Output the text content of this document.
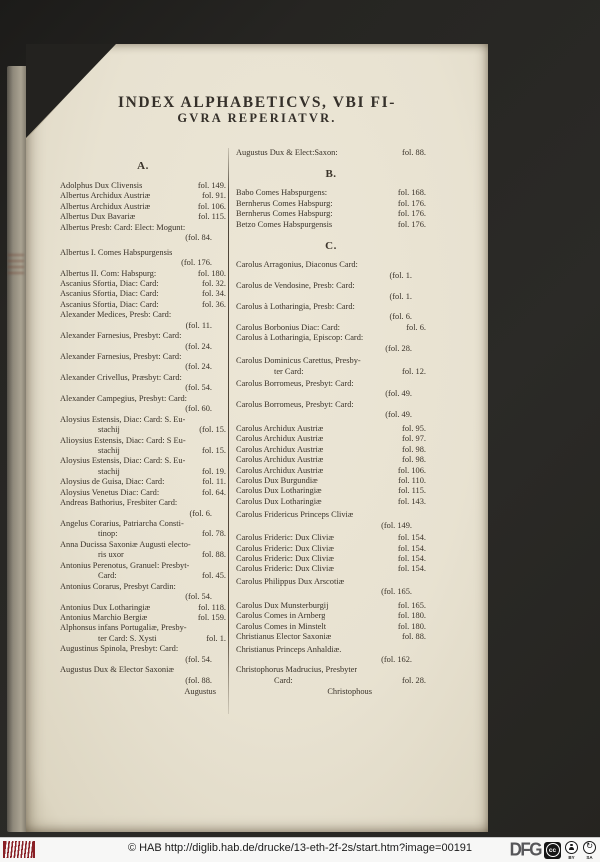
INDEX ALPHABETICVS, VBI FI-
GVRA REPERIATVR.
A.
Adolphus Dux Clivensis	fol. 149.
Albertus Archidux Austriæ	fol. 91.
Albertus Archidux Austriæ	fol. 106.
Albertus Dux Bavariæ	fol. 115.
Albertus Presb: Card: Elect: Mogunt:
(fol. 84.
Albertus I. Comes Habspurgensis
(fol. 176.
Albertus II. Com: Habspurg:	fol. 180.
Ascanius Sfortia, Diac: Card:	fol. 32.
Ascanius Sfortia, Diac: Card:	fol. 34.
Ascanius Sfortia, Diac: Card:	fol. 36.
Alexander Medices, Presb: Card:
(fol. 11.
Alexander Farnesius, Presbyt: Card:
(fol. 24.
Alexander Farnesius, Presbyt: Card:
(fol. 24.
Alexander Crivellus, Præsbyt: Card:
(fol. 54.
Alexander Campegius, Presbyt: Card:
(fol. 60.
Aloysius Estensis, Diac: Card: S. Eu-
stachij	(fol. 15.
Alioysius Estensis, Diac: Card: S Eu-
stachij	fol. 15.
Aloysius Estensis, Diac: Card: S. Eu-
stachij	fol. 19.
Aloysius de Guisa, Diac: Card:	fol. 11.
Aloysius Venetus Diac: Card:	fol. 64.
Andreas Bathorius, Fresbiter Card:
(fol. 6.
Angelus Corarius, Patriarcha Consti-
tinop:	fol. 78.
Anna Ducissa Saxoniæ Augusti electo-
ris uxor	fol. 88.
Antonius Perenotus, Granuel: Presbyt-
Card:	fol. 45.
Antonius Corarus, Presbyt Cardin:
(fol. 54.
Antonius Dux Lotharingiæ	fol. 118.
Antonius Marchio Bergiæ	fol. 159.
Alphonsus infans Portugaliæ, Presby-
ter Card: S. Xysti	fol. 1.
Augustinus Spinola, Presbyt: Card:
(fol. 54.
Augustus Dux & Elector Saxoniæ
(fol. 88.
Augustus
Augustus Dux & Elect:Saxon:	fol. 88.
B.
Babo Comes Habspurgens:	fol. 168.
Bernherus Comes Habspurg:	fol. 176.
Bernherus Comes Habspurg:	fol. 176.
Betzo Comes Habspurgensis	fol. 176.
C.
Carolus Arragonius, Diaconus Card:
(fol. 1.
Carolus de Vendosine, Presb: Card:
(fol. 1.
Carolus à Lotharingia, Presb: Card:
(fol. 6.
Carolus Borbonius Diac: Card:	fol. 6.
Carolus à Lotharingia, Episcop: Card:
(fol. 28.
Carolus Dominicus Carettus, Presby-
ter Card:	fol. 12.
Carolus Borromeus, Presbyt: Card:
(fol. 49.
Carolus Borromeus, Presbyt: Card:
(fol. 49.
Carolus Archidux Austriæ	fol. 95.
Carolus Archidux Austriæ	fol. 97.
Carolus Archidux Austriæ	fol. 98.
Carolus Archidux Austriæ	fol. 98.
Carolus Archidux Austriæ	fol. 106.
Carolus Dux Burgundiæ	fol. 110.
Carolus Dux Lotharingiæ	fol. 115.
Carolus Dux Lotharingiæ	fol. 143.
Carolus Fridericus Princeps Cliviæ
(fol. 149.
Carolus Frideric: Dux Cliviæ	fol. 154.
Carolus Frideric: Dux Cliviæ	fol. 154.
Carolus Frideric: Dux Cliviæ	fol. 154.
Carolus Frideric: Dux Cliviæ	fol. 154.
Carolus Philippus Dux Arscotiæ
(fol. 165.
Carolus Dux Munsterburgij	fol. 165.
Carolus Comes in Arnberg	fol. 180.
Carolus Comes in Minstelt	fol. 180.
Christianus Elector Saxoniæ	fol. 88.
Christianus Princeps Anhaldiæ.
(fol. 162.
Christophorus Madrucius, Presbyter
Card:	fol. 28.
Christophous
© HAB http://diglib.hab.de/drucke/13-eth-2f-2s/start.htm?image=00191	DFG	cc
BY
↻
SA
